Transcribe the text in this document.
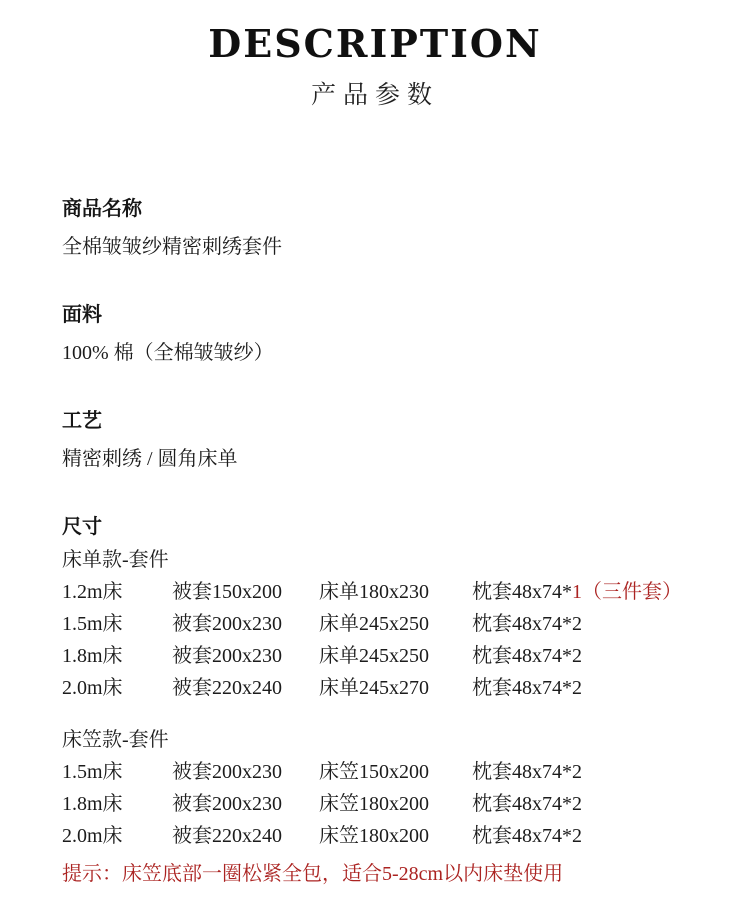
DESCRIPTION
产品参数
商品名称

全棉皱皱纱精密刺绣套件

面料

100% 棉（全棉皱皱纱）

工艺

精密刺绣 / 圆角床单

尺寸
床单款-套件
1.2m床	被套150x200	床单180x230	枕套48x74*1（三件套）
1.5m床	被套200x230	床单245x250	枕套48x74*2
1.8m床	被套200x230	床单245x250	枕套48x74*2
2.0m床	被套220x240	床单245x270	枕套48x74*2
床笠款-套件
1.5m床	被套200x230	床笠150x200	枕套48x74*2
1.8m床	被套200x230	床笠180x200	枕套48x74*2
2.0m床	被套220x240	床笠180x200	枕套48x74*2
提示：床笠底部一圈松紧全包，适合5-28cm以内床垫使用
